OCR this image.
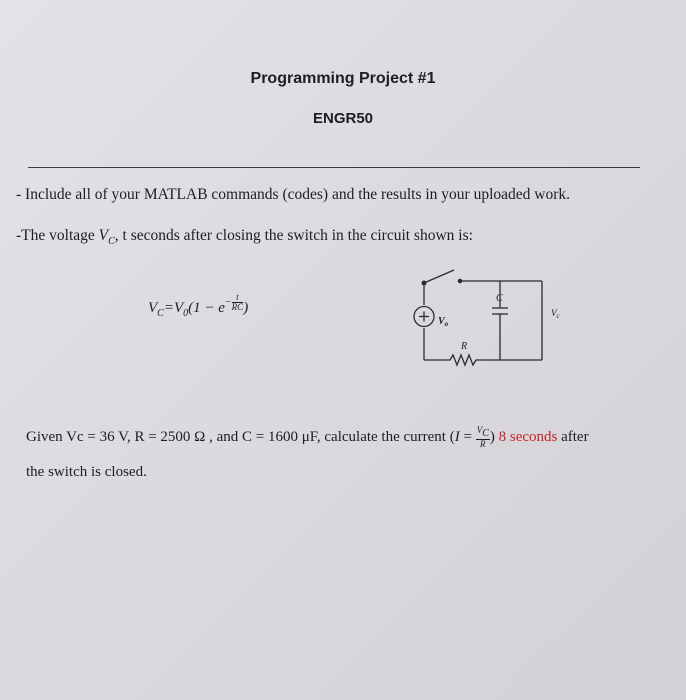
Programming Project #1
ENGR50
- Include all of your MATLAB commands (codes) and the results in your uploaded work.
-The voltage $V_C$, t seconds after closing the switch in the circuit shown is:
$V_C=V_0(1 - e- \frac{t}{RC}$ )
$V_o$
C
R
$V_c$
Given Vc = 36 V, R = 2500 Ω , and C = 1600 μF, calculate the current ($I = \frac{V_C}{R}$ ) 8 seconds after
the switch is closed.
